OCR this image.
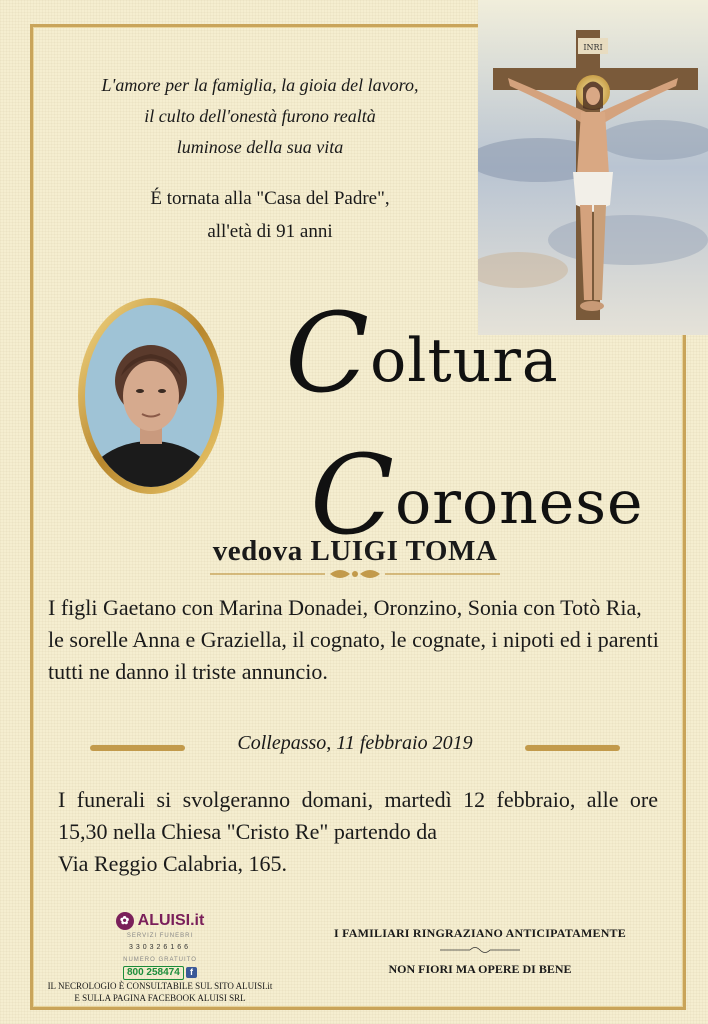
INRI
L'amore per la famiglia, la gioia del lavoro,
il culto dell'onestà furono realtà
luminose della sua vita
É tornata alla "Casa del Padre",
all'età di 91 anni
Coltura
Coronese
vedova LUIGI TOMA
I figli Gaetano con Marina Donadei, Oronzino, Sonia con Totò Ria, le sorelle Anna e Graziella, il cognato, le cognate, i nipoti ed i parenti tutti ne danno il triste annuncio.
Collepasso, 11 febbraio 2019
I funerali si svolgeranno domani, martedì 12 febbraio, alle ore 15,30 nella Chiesa "Cristo Re" partendo da
Via Reggio Calabria, 165.
✿ ALUISI.it
SERVIZI FUNEBRI
330326166
NUMERO GRATUITO
800 258474 f
IL NECROLOGIO È CONSULTABILE SUL SITO ALUISI.it
E SULLA PAGINA FACEBOOK ALUISI SRL
I FAMILIARI RINGRAZIANO ANTICIPATAMENTE
NON FIORI MA OPERE DI BENE
